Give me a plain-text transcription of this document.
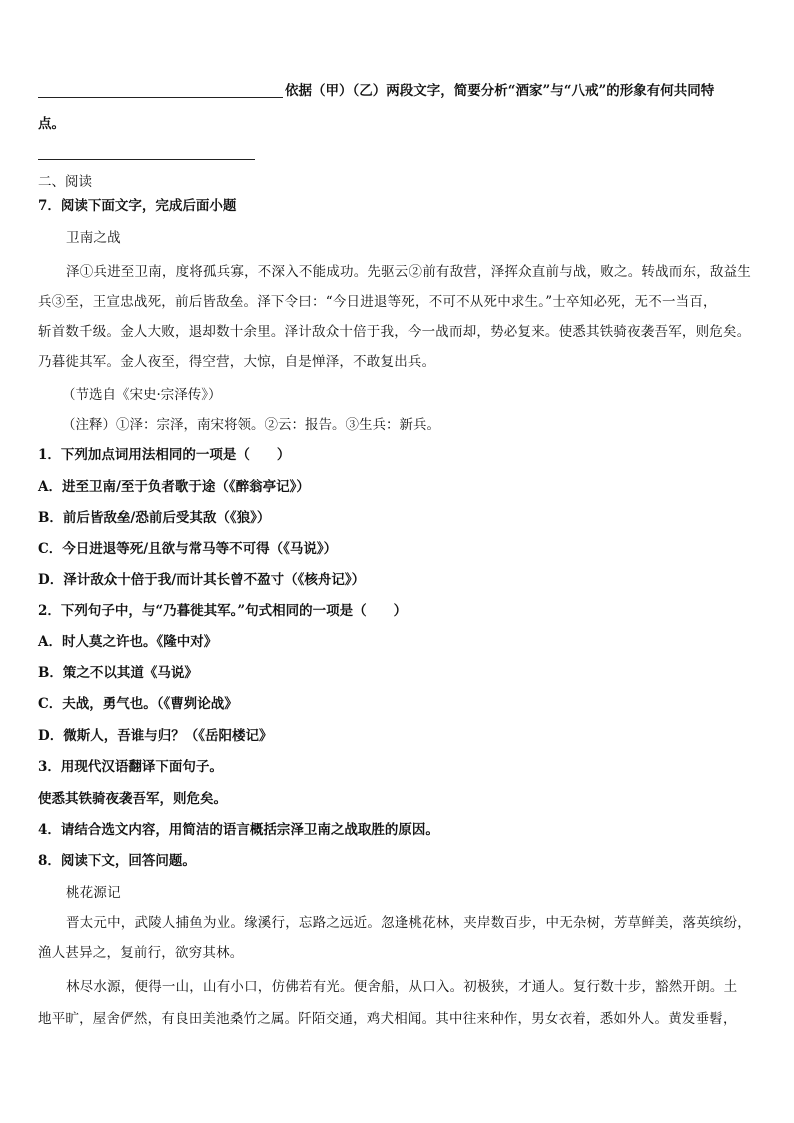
依据（甲）（乙）两段文字，简要分析“酒家”与“八戒”的形象有何共同特
点。
二、阅读
7．阅读下面文字，完成后面小题
卫南之战
泽①兵进至卫南，度将孤兵寡，不深入不能成功。先驱云②前有敌营，泽挥众直前与战，败之。转战而东，敌益生
兵③至，王宣忠战死，前后皆敌垒。泽下令曰：“今日进退等死，不可不从死中求生。”士卒知必死，无不一当百，
斩首数千级。金人大败，退却数十余里。泽计敌众十倍于我，今一战而却，势必复来。使悉其铁骑夜袭吾军，则危矣。
乃暮徙其军。金人夜至，得空营，大惊，自是惮泽，不敢复出兵。
（节选自《宋史·宗泽传》）
（注释）①泽：宗泽，南宋将领。②云：报告。③生兵：新兵。
1．下列加点词用法相同的一项是（　　）
A．进至卫南/至于负者歌于途（《醉翁亭记》）
B．前后皆敌垒/恐前后受其敌（《狼》）
C．今日进退等死/且欲与常马等不可得（《马说》）
D．泽计敌众十倍于我/而计其长曾不盈寸（《核舟记》）
2．下列句子中，与“乃暮徙其军。”句式相同的一项是（　　）
A．时人莫之许也。《隆中对》
B．策之不以其道《马说》
C．夫战，勇气也。（《曹刿论战》
D．微斯人，吾谁与归？（《岳阳楼记》
3．用现代汉语翻译下面句子。
使悉其铁骑夜袭吾军，则危矣。
4．请结合选文内容，用简洁的语言概括宗泽卫南之战取胜的原因。
8．阅读下文，回答问题。
桃花源记
晋太元中，武陵人捕鱼为业。缘溪行，忘路之远近。忽逢桃花林，夹岸数百步，中无杂树，芳草鲜美，落英缤纷，
渔人甚异之，复前行，欲穷其林。
林尽水源，便得一山，山有小口，仿佛若有光。便舍船，从口入。初极狭，才通人。复行数十步，豁然开朗。土
地平旷，屋舍俨然，有良田美池桑竹之属。阡陌交通，鸡犬相闻。其中往来种作，男女衣着，悉如外人。黄发垂髫，
